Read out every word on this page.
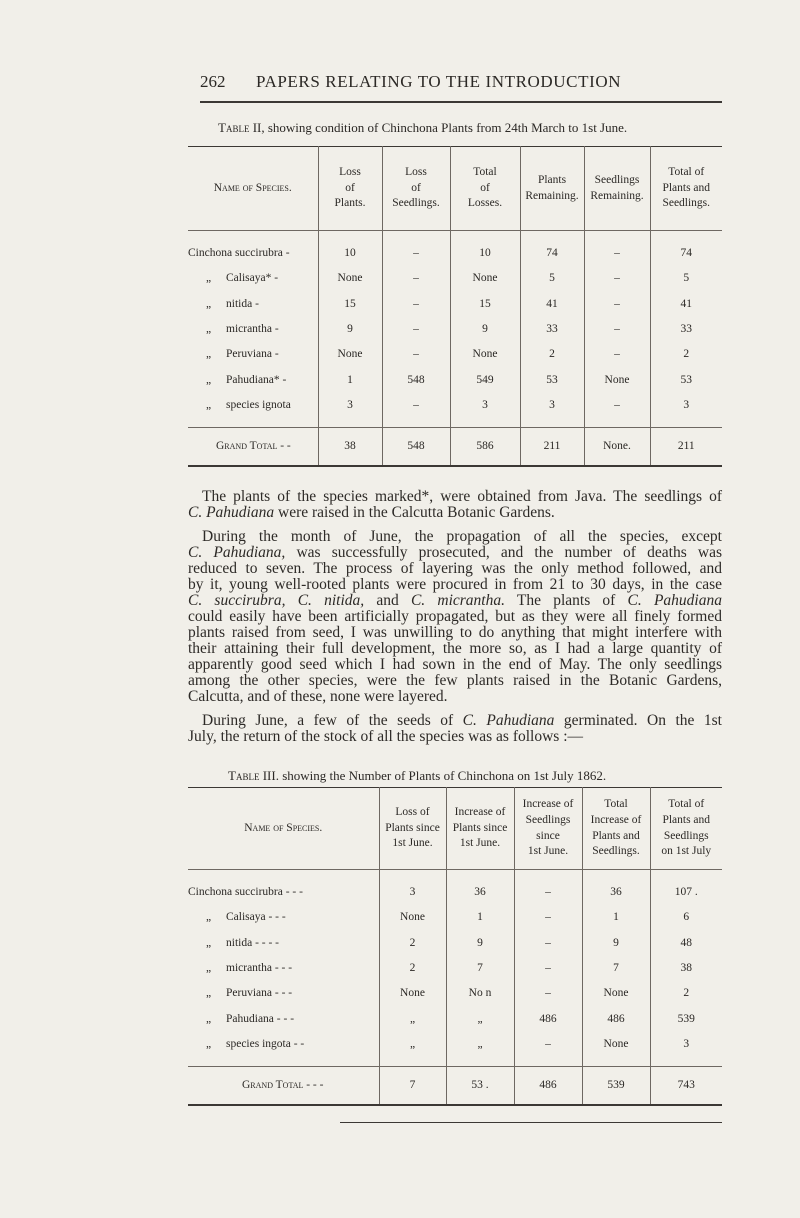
262 PAPERS RELATING TO THE INTRODUCTION
Table II, showing condition of Chinchona Plants from 24th March to 1st June.
Name of Species.	Loss
of
Plants.	Loss
of
Seedlings.	Total
of
Losses.	Plants
Remaining.	Seedlings
Remaining.	Total of
Plants and
Seedlings.

Cinchona succirubra -	10	–	10	74	–	74
„ Calisaya* -	None	–	None	5	–	5
„ nitida -	15	–	15	41	–	41
„ micrantha -	9	–	9	33	–	33
„ Peruviana -	None	–	None	2	–	2
„ Pahudiana* -	1	548	549	53	None	53
„ species ignota	3	–	3	3	–	3

Grand Total - -	38	548	586	211	None.	211
The plants of the species marked*, were obtained from Java. The seedlings of
C. Pahudiana were raised in the Calcutta Botanic Gardens.
During the month of June, the propagation of all the species, except
C. Pahudiana, was successfully prosecuted, and the number of deaths was
reduced to seven. The process of layering was the only method followed, and
by it, young well-rooted plants were procured in from 21 to 30 days, in the case
C. succirubra, C. nitida, and C. micrantha. The plants of C. Pahudiana
could easily have been artificially propagated, but as they were all finely formed
plants raised from seed, I was unwilling to do anything that might interfere with
their attaining their full development, the more so, as I had a large quantity of
apparently good seed which I had sown in the end of May. The only seedlings
among the other species, were the few plants raised in the Botanic Gardens,
Calcutta, and of these, none were layered.
During June, a few of the seeds of C. Pahudiana germinated. On the 1st
July, the return of the stock of all the species was as follows :—
Table III. showing the Number of Plants of Chinchona on 1st July 1862.
Name of Species.	Loss of
Plants since
1st June.	Increase of
Plants since
1st June.	Increase of
Seedlings
since
1st June.	Total
Increase of
Plants and
Seedlings.	Total of
Plants and
Seedlings
on 1st July

Cinchona succirubra - - -	3	36	–	36	107 .
„ Calisaya - - -	None	1	–	1	6
„ nitida - - - -	2	9	–	9	48
„ micrantha - - -	2	7	–	7	38
„ Peruviana - - -	None	No n	–	None	2
„ Pahudiana - - -	„	„	486	486	539
„ species ingota - -	„	„	–	None	3

Grand Total - - -	7	53 .	486	539	743
